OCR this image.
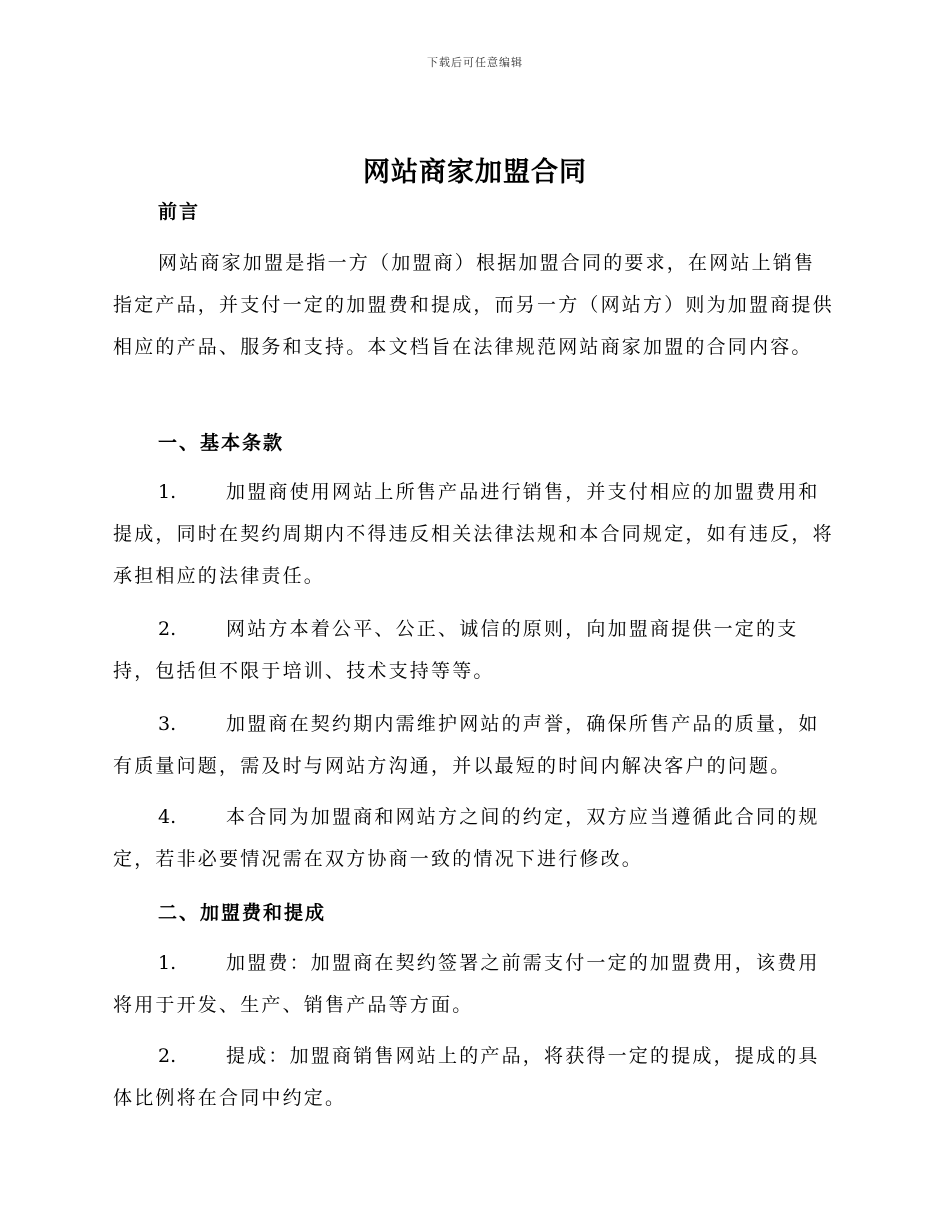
下载后可任意编辑
网站商家加盟合同
前言

网站商家加盟是指一方（加盟商）根据加盟合同的要求，在网站上销售指定产品，并支付一定的加盟费和提成，而另一方（网站方）则为加盟商提供相应的产品、服务和支持。本文档旨在法律规范网站商家加盟的合同内容。

一、基本条款

1.	加盟商使用网站上所售产品进行销售，并支付相应的加盟费用和提成，同时在契约周期内不得违反相关法律法规和本合同规定，如有违反，将承担相应的法律责任。

2.	网站方本着公平、公正、诚信的原则，向加盟商提供一定的支持，包括但不限于培训、技术支持等等。

3.	加盟商在契约期内需维护网站的声誉，确保所售产品的质量，如有质量问题，需及时与网站方沟通，并以最短的时间内解决客户的问题。

4.	本合同为加盟商和网站方之间的约定，双方应当遵循此合同的规定，若非必要情况需在双方协商一致的情况下进行修改。

二、加盟费和提成

1.	加盟费：加盟商在契约签署之前需支付一定的加盟费用，该费用将用于开发、生产、销售产品等方面。

2.	提成：加盟商销售网站上的产品，将获得一定的提成，提成的具体比例将在合同中约定。
